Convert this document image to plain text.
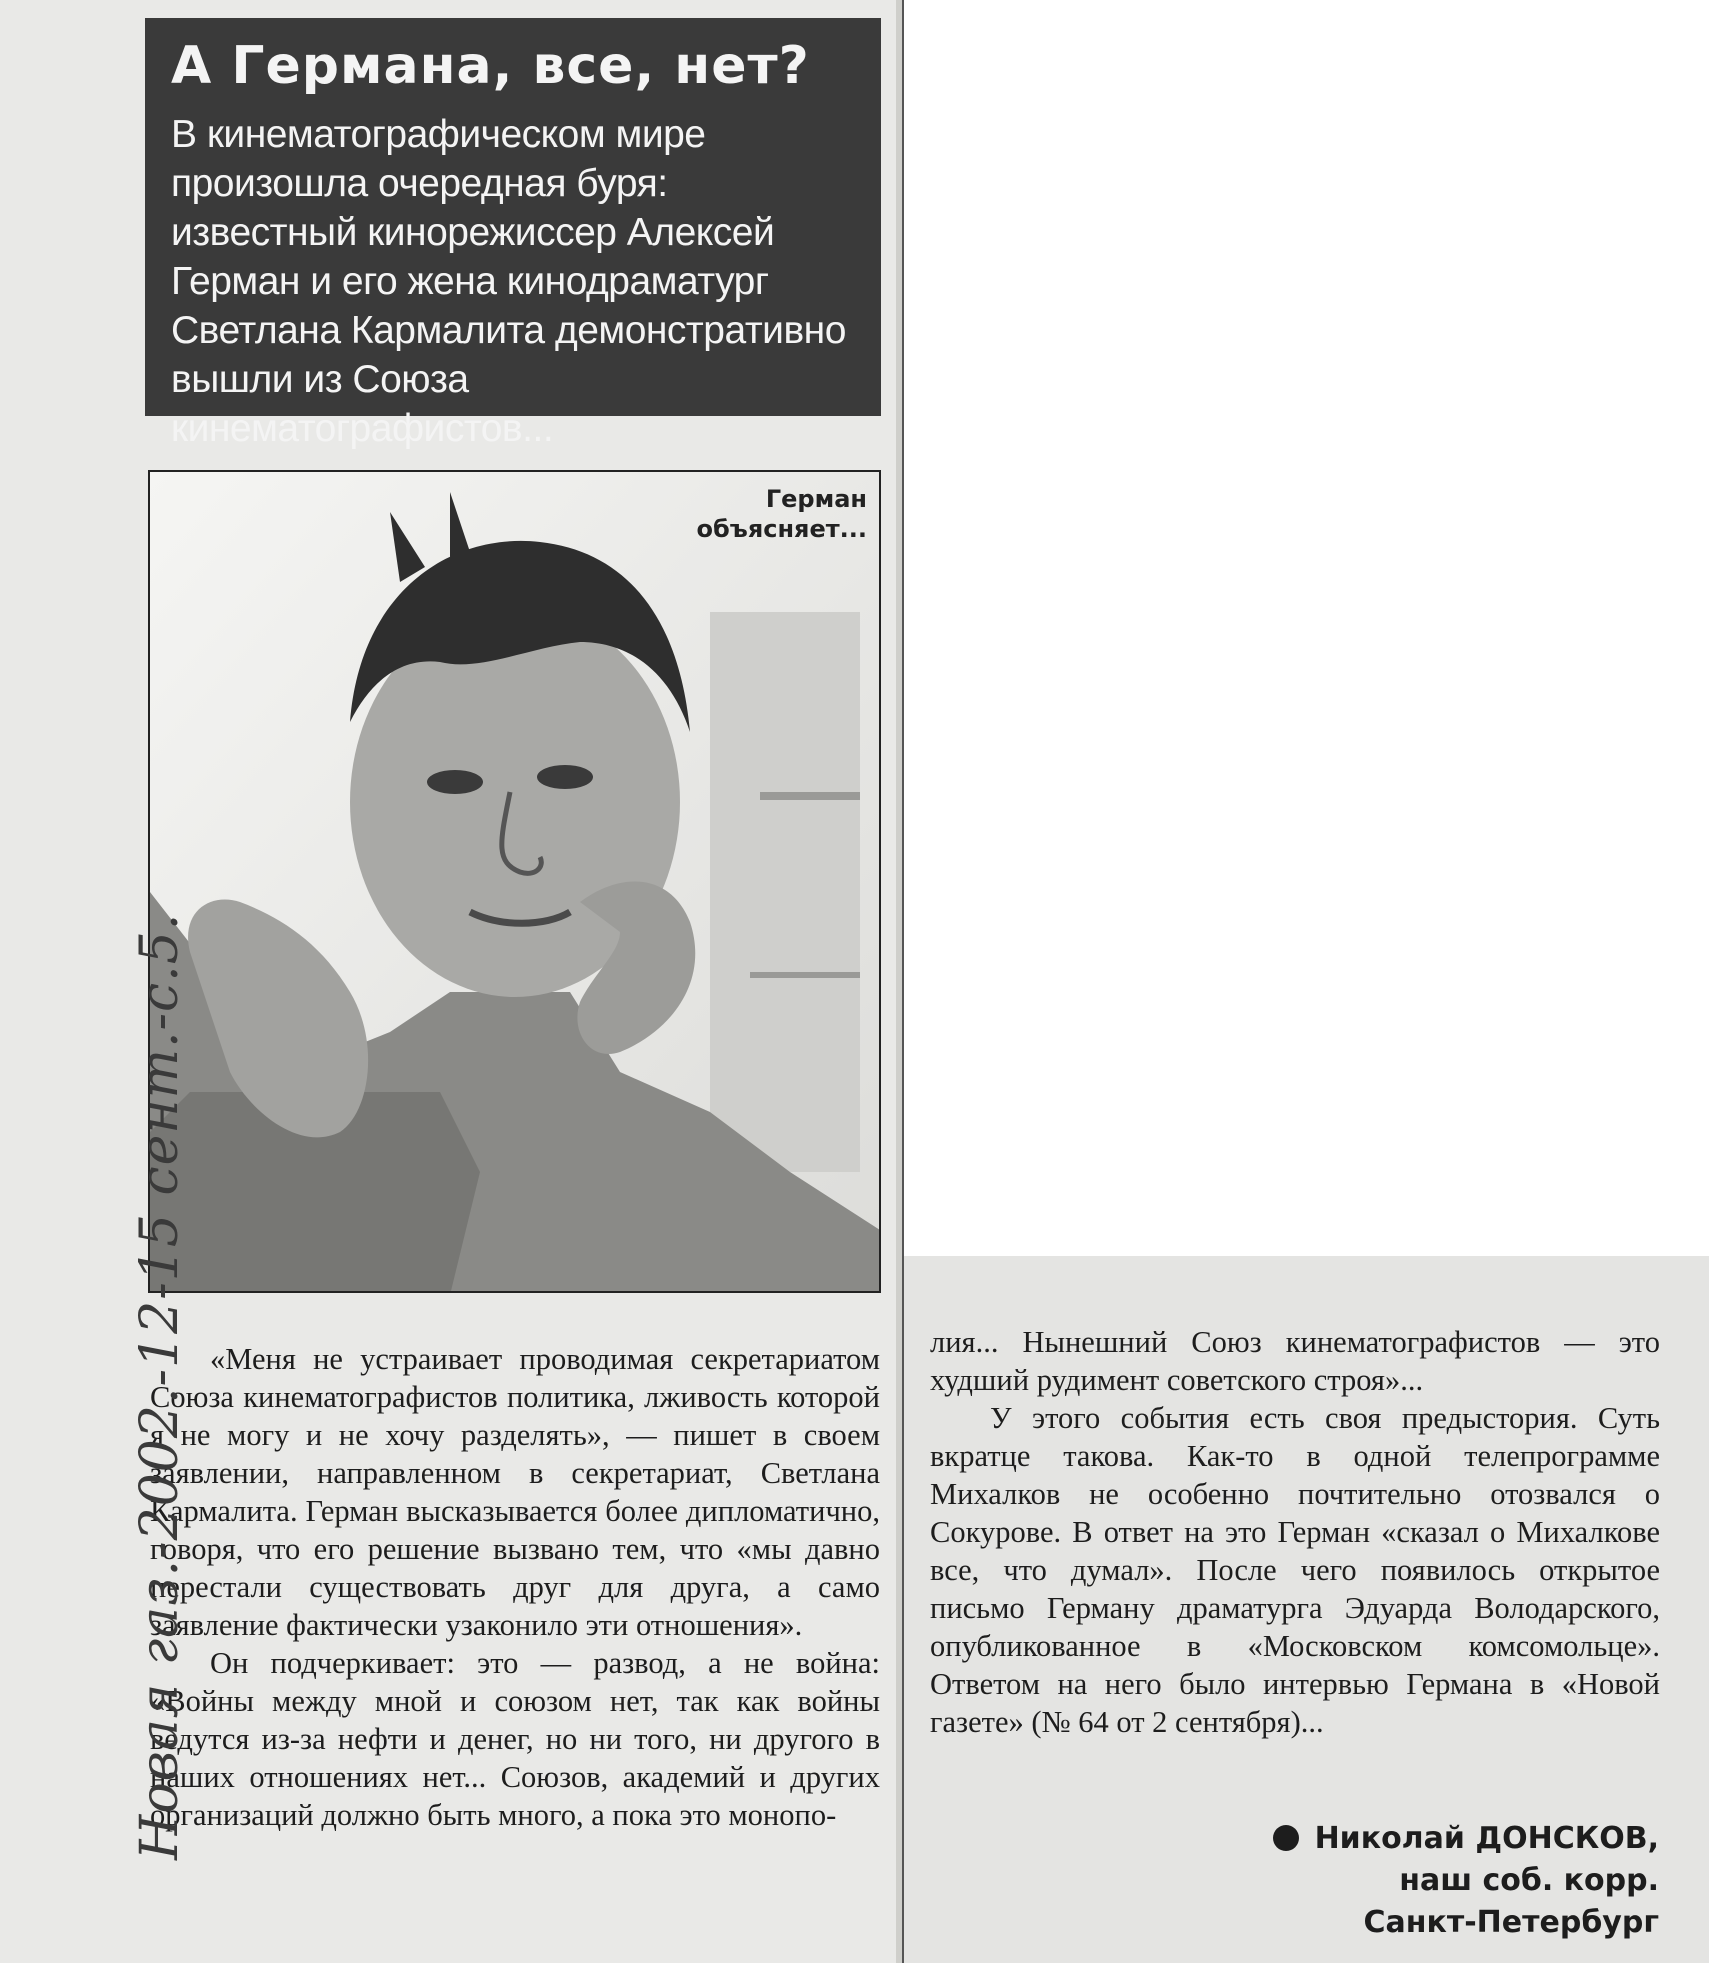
А Германа, все, нет?

В кинематографическом мире произошла очередная буря: известный кинорежиссер Алексей Герман и его жена кинодраматург Светлана Кармалита демонстративно вышли из Союза кинематографистов...

Герман
объясняет...

«Меня не устраивает проводимая секретариатом Союза кинематографистов политика, лживость которой я не могу и не хочу разделять», — пишет в своем заявлении, направленном в секретариат, Светлана Кармалита. Герман высказывается более дипломатично, говоря, что его решение вызвано тем, что «мы давно перестали существовать друг для друга, а само заявление фактически узаконило эти отношения».

Он подчеркивает: это — развод, а не война: «Войны между мной и союзом нет, так как войны ведутся из-за нефти и денег, но ни того, ни другого в наших отношениях нет... Союзов, академий и других организаций должно быть много, а пока это монопо-

лия... Нынешний Союз кинематографистов — это худший рудимент советского строя»...

У этого события есть своя предыстория. Суть вкратце такова. Как-то в одной телепрограмме Михалков не особенно почтительно отозвался о Сокурове. В ответ на это Герман «сказал о Михалкове все, что думал». После чего появилось открытое письмо Герману драматурга Эдуарда Володарского, опубликованное в «Московском комсомольце». Ответом на него было интервью Германа в «Новой газете» (№ 64 от 2 сентября)...

Николай ДОНСКОВ,
наш соб. корр.
Санкт-Петербург
Новая газ.-2002.-12-15 сент.-с.5.
